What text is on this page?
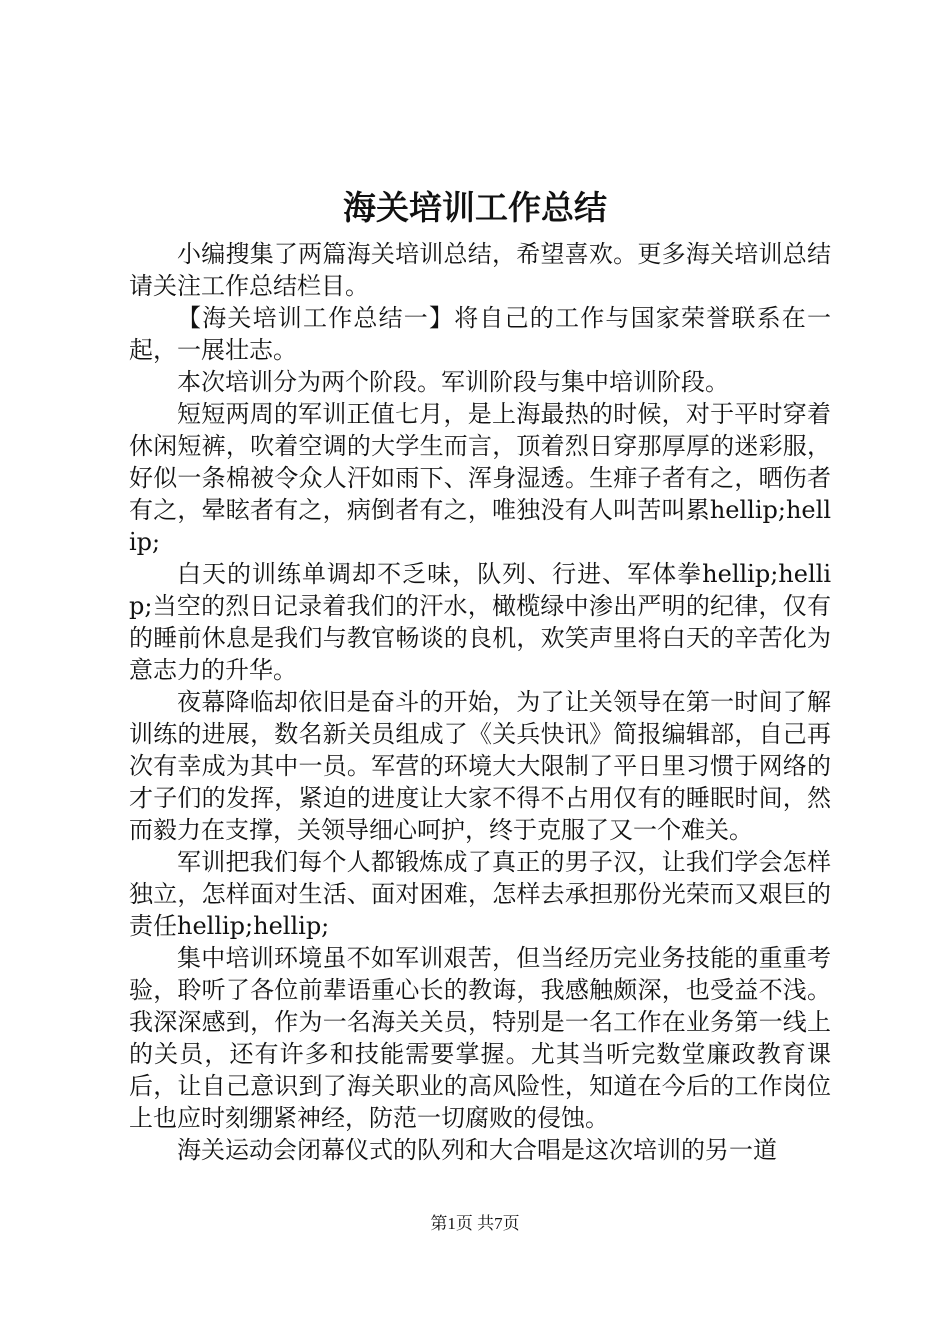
海关培训工作总结

小编搜集了两篇海关培训总结，希望喜欢。更多海关培训总结请关注工作总结栏目。

【海关培训工作总结一】将自己的工作与国家荣誉联系在一起，一展壮志。

本次培训分为两个阶段。军训阶段与集中培训阶段。

短短两周的军训正值七月，是上海最热的时候，对于平时穿着休闲短裤，吹着空调的大学生而言，顶着烈日穿那厚厚的迷彩服，好似一条棉被令众人汗如雨下、浑身湿透。生痱子者有之，晒伤者有之，晕眩者有之，病倒者有之，唯独没有人叫苦叫累hellip;hellip;

白天的训练单调却不乏味，队列、行进、军体拳hellip;hellip;当空的烈日记录着我们的汗水，橄榄绿中渗出严明的纪律，仅有的睡前休息是我们与教官畅谈的良机，欢笑声里将白天的辛苦化为意志力的升华。

夜幕降临却依旧是奋斗的开始，为了让关领导在第一时间了解训练的进展，数名新关员组成了《关兵快讯》简报编辑部，自己再次有幸成为其中一员。军营的环境大大限制了平日里习惯于网络的才子们的发挥，紧迫的进度让大家不得不占用仅有的睡眠时间，然而毅力在支撑，关领导细心呵护，终于克服了又一个难关。

军训把我们每个人都锻炼成了真正的男子汉，让我们学会怎样独立，怎样面对生活、面对困难，怎样去承担那份光荣而又艰巨的责任hellip;hellip;

集中培训环境虽不如军训艰苦，但当经历完业务技能的重重考验，聆听了各位前辈语重心长的教诲，我感触颇深，也受益不浅。我深深感到，作为一名海关关员，特别是一名工作在业务第一线上的关员，还有许多和技能需要掌握。尤其当听完数堂廉政教育课后，让自己意识到了海关职业的高风险性，知道在今后的工作岗位上也应时刻绷紧神经，防范一切腐败的侵蚀。

海关运动会闭幕仪式的队列和大合唱是这次培训的另一道

第1页 共7页
